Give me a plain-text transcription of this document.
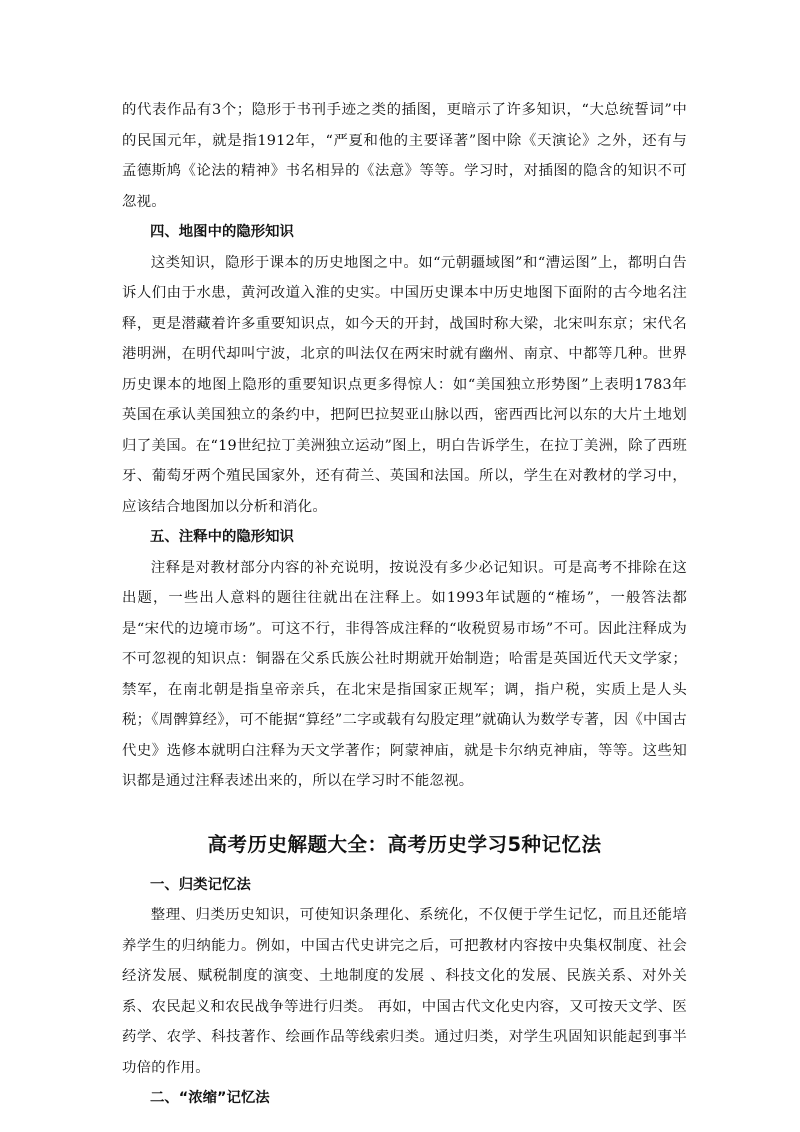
的代表作品有3个；隐形于书刊手迹之类的插图，更暗示了许多知识，“大总统誓词”中的民国元年，就是指1912年，“严夏和他的主要译著”图中除《天演论》之外，还有与孟德斯鸠《论法的精神》书名相异的《法意》等等。学习时，对插图的隐含的知识不可忽视。

四、地图中的隐形知识

这类知识，隐形于课本的历史地图之中。如“元朝疆域图”和“漕运图”上，都明白告诉人们由于水患，黄河改道入淮的史实。中国历史课本中历史地图下面附的古今地名注释，更是潜藏着许多重要知识点，如今天的开封，战国时称大梁，北宋叫东京；宋代名港明洲，在明代却叫宁波，北京的叫法仅在两宋时就有幽州、南京、中都等几种。世界历史课本的地图上隐形的重要知识点更多得惊人：如“美国独立形势图”上表明1783年英国在承认美国独立的条约中，把阿巴拉契亚山脉以西，密西西比河以东的大片土地划归了美国。在“19世纪拉丁美洲独立运动”图上，明白告诉学生，在拉丁美洲，除了西班牙、葡萄牙两个殖民国家外，还有荷兰、英国和法国。所以，学生在对教材的学习中，应该结合地图加以分析和消化。

五、注释中的隐形知识

注释是对教材部分内容的补充说明，按说没有多少必记知识。可是高考不排除在这出题，一些出人意料的题往往就出在注释上。如1993年试题的“榷场”，一般答法都是“宋代的边境市场”。可这不行，非得答成注释的“收税贸易市场”不可。因此注释成为不可忽视的知识点：铜器在父系氏族公社时期就开始制造；哈雷是英国近代天文学家；禁军，在南北朝是指皇帝亲兵，在北宋是指国家正规军；调，指户税，实质上是人头税；《周髀算经》，可不能据“算经”二字或载有勾股定理”就确认为数学专著，因《中国古代史》选修本就明白注释为天文学著作；阿蒙神庙，就是卡尔纳克神庙，等等。这些知识都是通过注释表述出来的，所以在学习时不能忽视。

高考历史解题大全：高考历史学习5种记忆法
一、归类记忆法

整理、归类历史知识，可使知识条理化、系统化，不仅便于学生记忆，而且还能培养学生的归纳能力。例如，中国古代史讲完之后，可把教材内容按中央集权制度、社会经济发展、赋税制度的演变、土地制度的发展 、科技文化的发展、民族关系、对外关系、农民起义和农民战争等进行归类。 再如，中国古代文化史内容，又可按天文学、医药学、农学、科技著作、绘画作品等线索归类。通过归类，对学生巩固知识能起到事半功倍的作用。

二、“浓缩”记忆法
